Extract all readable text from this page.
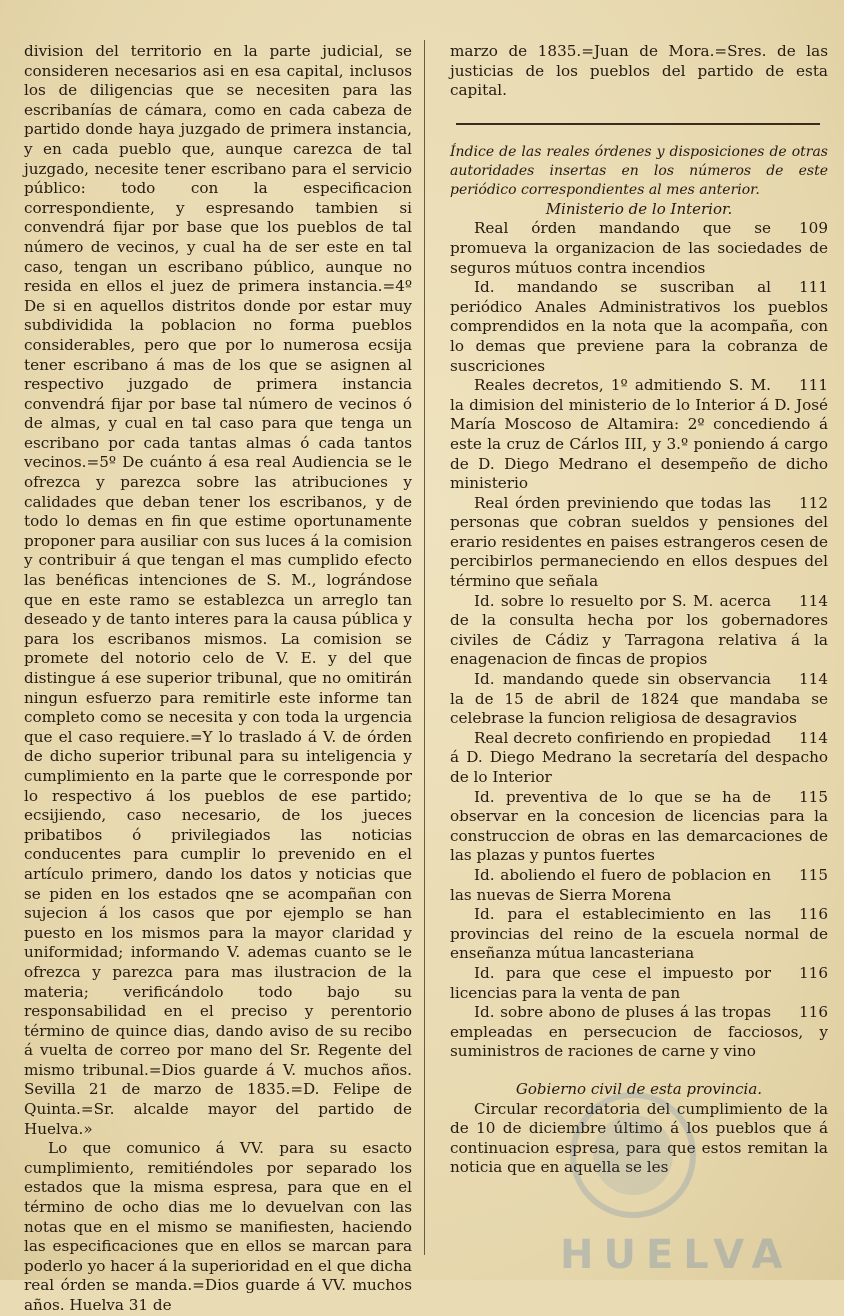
division del territorio en la parte judicial, se consideren necesarios asi en esa capital, inclusos los de diligencias que se necesiten para las escribanías de cámara, como en cada cabeza de partido donde haya juzgado de primera instancia, y en cada pueblo que, aunque carezca de tal juzgado, necesite tener escribano para el servicio público: todo con la especificacion correspondiente, y espresando tambien si convendrá fijar por base que los pueblos de tal número de vecinos, y cual ha de ser este en tal caso, tengan un escribano público, aunque no resida en ellos el juez de primera instancia.=4º De si en aquellos distritos donde por estar muy subdividida la poblacion no forma pueblos considerables, pero que por lo numerosa ecsija tener escribano á mas de los que se asignen al respectivo juzgado de primera instancia convendrá fijar por base tal número de vecinos ó de almas, y cual en tal caso para que tenga un escribano por cada tantas almas ó cada tantos vecinos.=5º De cuánto á esa real Audiencia se le ofrezca y parezca sobre las atribuciones y calidades que deban tener los escribanos, y de todo lo demas en fin que estime oportunamente proponer para ausiliar con sus luces á la comision y contribuir á que tengan el mas cumplido efecto las benéficas intenciones de S. M., lográndose que en este ramo se establezca un arreglo tan deseado y de tanto interes para la causa pública y para los escribanos mismos. La comision se promete del notorio celo de V. E. y del que distingue á ese superior tribunal, que no omitirán ningun esfuerzo para remitirle este informe tan completo como se necesita y con toda la urgencia que el caso requiere.=Y lo traslado á V. de órden de dicho superior tribunal para su inteligencia y cumplimiento en la parte que le corresponde por lo respectivo á los pueblos de ese partido; ecsijiendo, caso necesario, de los jueces pribatibos ó privilegiados las noticias conducentes para cumplir lo prevenido en el artículo primero, dando los datos y noticias que se piden en los estados qne se acompañan con sujecion á los casos que por ejemplo se han puesto en los mismos para la mayor claridad y uniformidad; informando V. ademas cuanto se le ofrezca y parezca para mas ilustracion de la materia; verificándolo todo bajo su responsabilidad en el preciso y perentorio término de quince dias, dando aviso de su recibo á vuelta de correo por mano del Sr. Regente del mismo tribunal.=Dios guarde á V. muchos años. Sevilla 21 de marzo de 1835.=D. Felipe de Quinta.=Sr. alcalde mayor del partido de Huelva.»

Lo que comunico á VV. para su esacto cumplimiento, remitiéndoles por separado los estados que la misma espresa, para que en el término de ocho dias me lo devuelvan con las notas que en el mismo se manifiesten, haciendo las especificaciones que en ellos se marcan para poderlo yo hacer á la superioridad en el que dicha real órden se manda.=Dios guarde á VV. muchos años. Huelva 31 de

marzo de 1835.=Juan de Mora.=Sres. de las justicias de los pueblos del partido de esta capital.

Índice de las reales órdenes y disposiciones de otras autoridades insertas en los números de este periódico correspondientes al mes anterior.

Ministerio de lo Interior.

109
Real órden mandando que se promueva la organizacion de las sociedades de seguros mútuos contra incendios

111
Id. mandando se suscriban al periódico Anales Administrativos los pueblos comprendidos en la nota que la acompaña, con lo demas que previene para la cobranza de suscriciones

111
Reales decretos, 1º admitiendo S. M. la dimision del ministerio de lo Interior á D. José María Moscoso de Altamira: 2º concediendo á este la cruz de Cárlos III, y 3.º poniendo á cargo de D. Diego Medrano el desempeño de dicho ministerio

112
Real órden previniendo que todas las personas que cobran sueldos y pensiones del erario residentes en paises estrangeros cesen de percibirlos permaneciendo en ellos despues del término que señala

114
Id. sobre lo resuelto por S. M. acerca de la consulta hecha por los gobernadores civiles de Cádiz y Tarragona relativa á la enagenacion de fincas de propios

114
Id. mandando quede sin observancia la de 15 de abril de 1824 que mandaba se celebrase la funcion religiosa de desagravios

114
Real decreto confiriendo en propiedad á D. Diego Medrano la secretaría del despacho de lo Interior

115
Id. preventiva de lo que se ha de observar en la concesion de licencias para la construccion de obras en las demarcaciones de las plazas y puntos fuertes

115
Id. aboliendo el fuero de poblacion en las nuevas de Sierra Morena

116
Id. para el establecimiento en las provincias del reino de la escuela normal de enseñanza mútua lancasteriana

116
Id. para que cese el impuesto por licencias para la venta de pan

116
Id. sobre abono de pluses á las tropas empleadas en persecucion de facciosos, y suministros de raciones de carne y vino

Gobierno civil de esta provincia.

Circular recordatoria del cumplimiento de la de 10 de diciembre último á los pueblos que á continuacion espresa, para que estos remitan la noticia que en aquella se les

HUELVA
